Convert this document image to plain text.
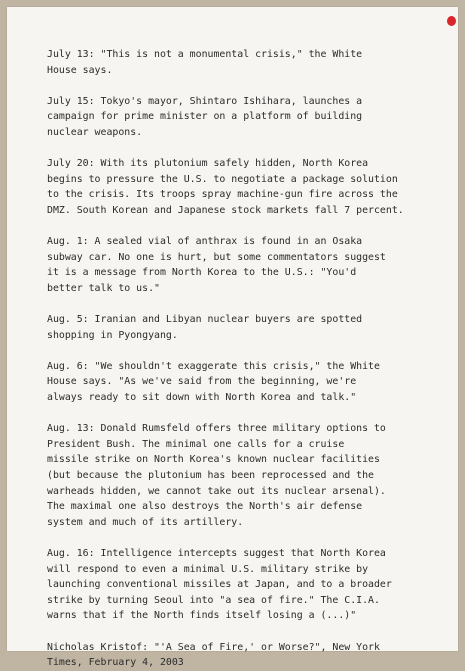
July 13: "This is not a monumental crisis," the White
House says.
July 15: Tokyo's mayor, Shintaro Ishihara, launches a
campaign for prime minister on a platform of building
nuclear weapons.
July 20: With its plutonium safely hidden, North Korea
begins to pressure the U.S. to negotiate a package solution
to the crisis. Its troops spray machine-gun fire across the
DMZ. South Korean and Japanese stock markets fall 7 percent.
Aug. 1: A sealed vial of anthrax is found in an Osaka
subway car. No one is hurt, but some commentators suggest
it is a message from North Korea to the U.S.: "You'd
better talk to us."
Aug. 5: Iranian and Libyan nuclear buyers are spotted
shopping in Pyongyang.
Aug. 6: "We shouldn't exaggerate this crisis," the White
House says. "As we've said from the beginning, we're
always ready to sit down with North Korea and talk."
Aug. 13: Donald Rumsfeld offers three military options to
President Bush. The minimal one calls for a cruise
missile strike on North Korea's known nuclear facilities
(but because the plutonium has been reprocessed and the
warheads hidden, we cannot take out its nuclear arsenal).
The maximal one also destroys the North's air defense
system and much of its artillery.
Aug. 16: Intelligence intercepts suggest that North Korea
will respond to even a minimal U.S. military strike by
launching conventional missiles at Japan, and to a broader
strike by turning Seoul into "a sea of fire." The C.I.A.
warns that if the North finds itself losing a (...)"
Nicholas Kristof: "'A Sea of Fire,' or Worse?", New York
Times, February 4, 2003
